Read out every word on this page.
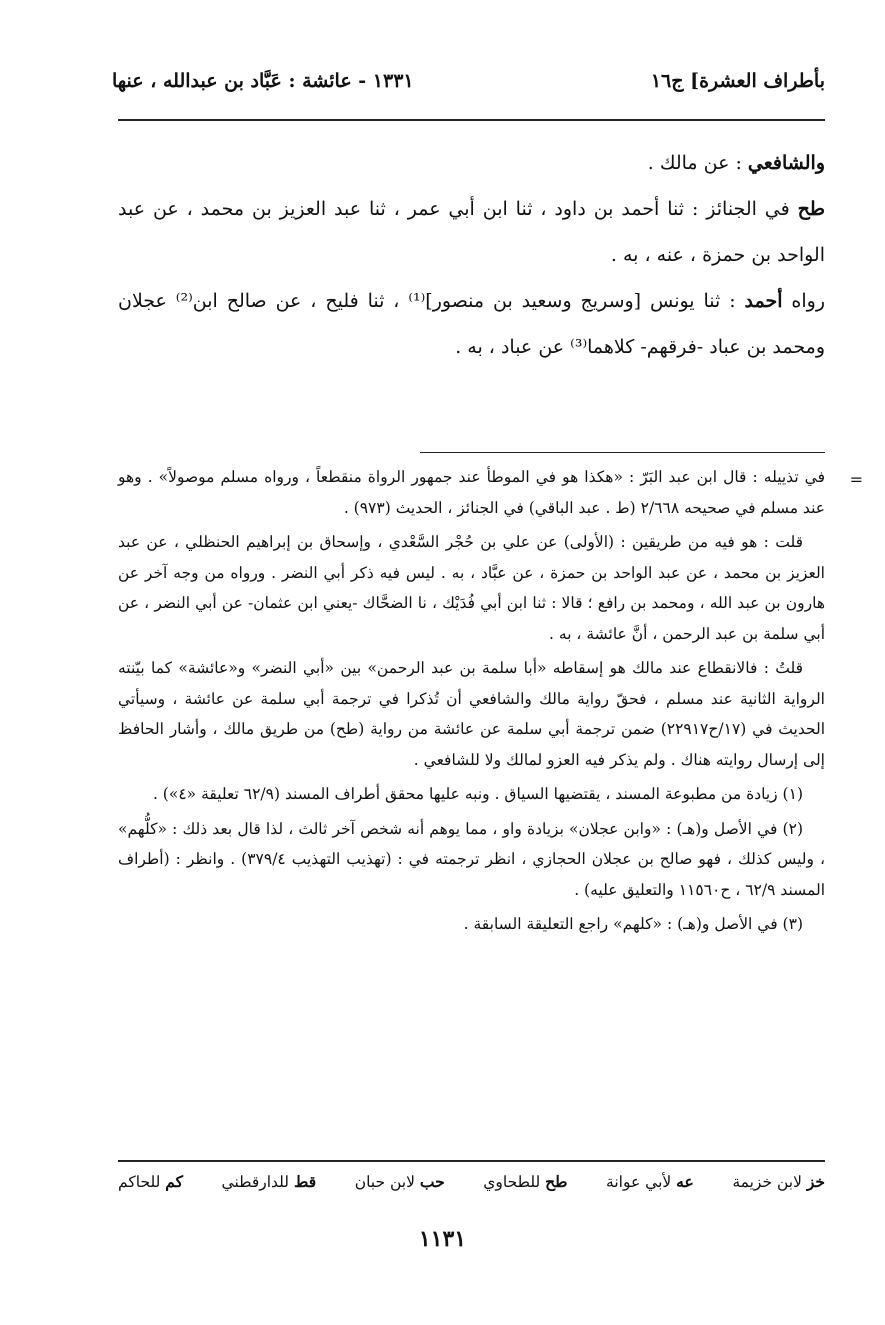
بأطراف العشرة] ج١٦
١٣٣١ - عائشة : عَبَّاد بن عبدالله ، عنها

والشافعي : عن مالك .

طح في الجنائز : ثنا أحمد بن داود ، ثنا ابن أبي عمر ، ثنا عبد العزيز بن محمد ، عن عبد الواحد بن حمزة ، عنه ، به .

رواه أحمد : ثنا يونس [وسريج وسعيد بن منصور]⁽¹⁾ ، ثنا فليح ، عن صالح ابن⁽²⁾ عجلان ومحمد بن عباد -فرقهم- كلاهما⁽³⁾ عن عباد ، به .

=

في تذييله : قال ابن عبد البَرّ : «هكذا هو في الموطأ عند جمهور الرواة منقطعاً ، ورواه مسلم موصولاً» . وهو عند مسلم في صحيحه ٢/٦٦٨ (ط . عبد الباقي) في الجنائز ، الحديث (٩٧٣) .

قلت : هو فيه من طريقين : (الأولى) عن علي بن حُجْر السَّعْدي ، وإسحاق بن إبراهيم الحنظلي ، عن عبد العزيز بن محمد ، عن عبد الواحد بن حمزة ، عن عبَّاد ، به . ليس فيه ذكر أبي النضر . ورواه من وجه آخر عن هارون بن عبد الله ، ومحمد بن رافع ؛ قالا : ثنا ابن أبي فُدَيْك ، نا الضحَّاك -يعني ابن عثمان- عن أبي النضر ، عن أبي سلمة بن عبد الرحمن ، أنَّ عائشة ، به .

قلتُ : فالانقطاع عند مالك هو إسقاطه «أبا سلمة بن عبد الرحمن» بين «أبي النضر» و«عائشة» كما بيّنته الرواية الثانية عند مسلم ، فحقّ رواية مالك والشافعي أن تُذكرا في ترجمة أبي سلمة عن عائشة ، وسيأتي الحديث في (١٧/ح٢٢٩١٧) ضمن ترجمة أبي سلمة عن عائشة من رواية (طح) من طريق مالك ، وأشار الحافظ إلى إرسال روايته هناك . ولم يذكر فيه العزو لمالك ولا للشافعي .

(١) زيادة من مطبوعة المسند ، يقتضيها السياق . ونبه عليها محقق أطراف المسند (٦٢/٩ تعليقة «٤») .

(٢) في الأصل و(هـ) : «وابن عجلان» بزيادة واو ، مما يوهم أنه شخص آخر ثالث ، لذا قال بعد ذلك : «كلُّهم» ، وليس كذلك ، فهو صالح بن عجلان الحجازي ، انظر ترجمته في : (تهذيب التهذيب ٣٧٩/٤) . وانظر : (أطراف المسند ٦٢/٩ ، ح١١٥٦٠ والتعليق عليه) .

(٣) في الأصل و(هـ) : «كلهم» راجع التعليقة السابقة .

خز لابن خزيمة
عه لأبي عوانة
طح للطحاوي
حب لابن حبان
قط للدارقطني
كم للحاكم
١١٣١
